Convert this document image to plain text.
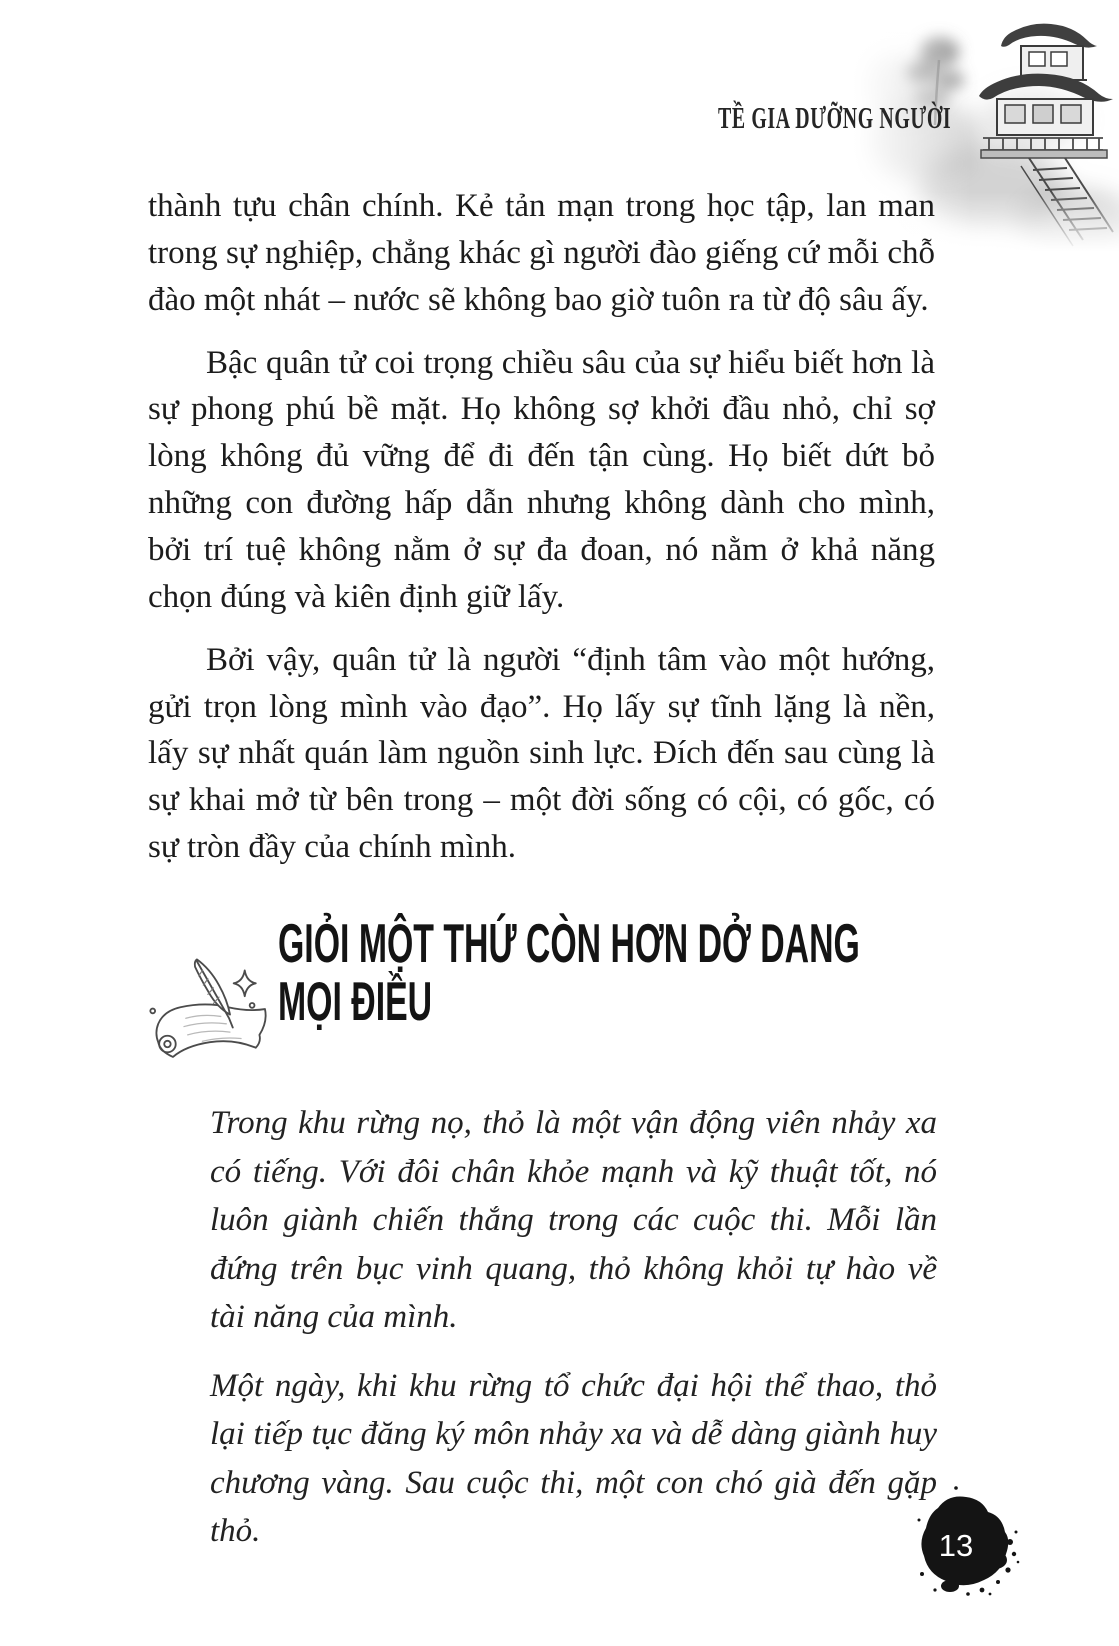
TỀ GIA DƯỠNG NGƯỜI

thành tựu chân chính. Kẻ tản mạn trong học tập, lan man trong sự nghiệp, chẳng khác gì người đào giếng cứ mỗi chỗ đào một nhát – nước sẽ không bao giờ tuôn ra từ độ sâu ấy.

Bậc quân tử coi trọng chiều sâu của sự hiểu biết hơn là sự phong phú bề mặt. Họ không sợ khởi đầu nhỏ, chỉ sợ lòng không đủ vững để đi đến tận cùng. Họ biết dứt bỏ những con đường hấp dẫn nhưng không dành cho mình, bởi trí tuệ không nằm ở sự đa đoan, nó nằm ở khả năng chọn đúng và kiên định giữ lấy.

Bởi vậy, quân tử là người “định tâm vào một hướng, gửi trọn lòng mình vào đạo”. Họ lấy sự tĩnh lặng là nền, lấy sự nhất quán làm nguồn sinh lực. Đích đến sau cùng là sự khai mở từ bên trong – một đời sống có cội, có gốc, có sự tròn đầy của chính mình.

GIỎI MỘT THỨ CÒN HƠN DỞ DANG MỌI ĐIỀU

Trong khu rừng nọ, thỏ là một vận động viên nhảy xa có tiếng. Với đôi chân khỏe mạnh và kỹ thuật tốt, nó luôn giành chiến thắng trong các cuộc thi. Mỗi lần đứng trên bục vinh quang, thỏ không khỏi tự hào về tài năng của mình.

Một ngày, khi khu rừng tổ chức đại hội thể thao, thỏ lại tiếp tục đăng ký môn nhảy xa và dễ dàng giành huy chương vàng. Sau cuộc thi, một con chó già đến gặp thỏ.	13
